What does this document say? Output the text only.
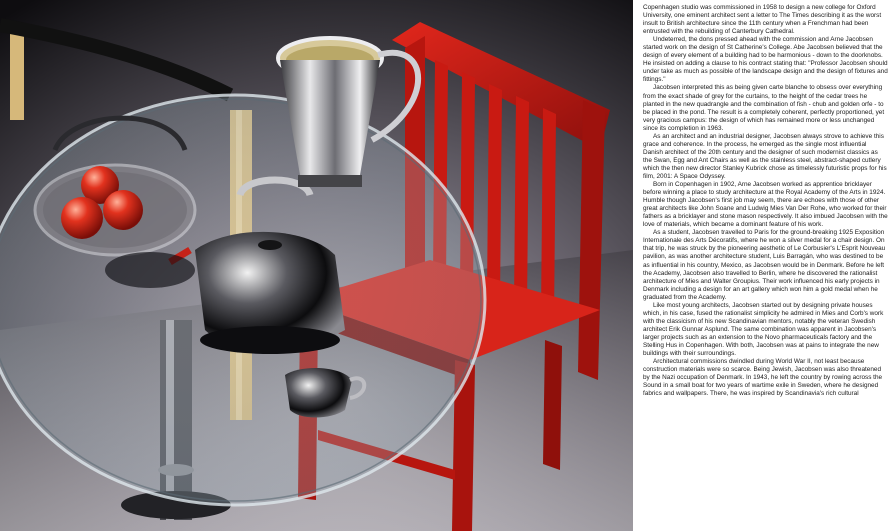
Copenhagen studio was commissioned in 1958 to design a new college for Oxford University, one eminent architect sent a letter to The Times describing it as the worst insult to British architecture since the 11th century when a Frenchman had been entrusted with the rebuilding of Canterbury Cathedral.

Undeterred, the dons pressed ahead with the commission and Arne Jacobsen started work on the design of St Catherine's College. Abe Jacobsen believed that the design of every element of a building had to be harmonious - down to the doorknobs. He insisted on adding a clause to his contract stating that: "Professor Jacobsen should under take as much as possible of the landscape design and the design of fixtures and fittings."

Jacobsen interpreted this as being given carte blanche to obsess over everything from the exact shade of grey for the curtains, to the height of the cedar trees he planted in the new quadrangle and the combination of fish - chub and golden orfe - to be placed in the pond. The result is a completely coherent, perfectly proportioned, yet very gracious campus: the design of which has remained more or less unchanged since its completion in 1963.

As an architect and an industrial designer, Jacobsen always strove to achieve this grace and coherence. In the process, he emerged as the single most influential Danish architect of the 20th century and the designer of such modernist classics as the Swan, Egg and Ant Chairs as well as the stainless steel, abstract-shaped cutlery which the then new director Stanley Kubrick chose as timelessly futuristic props for his film, 2001: A Space Odyssey.

Born in Copenhagen in 1902, Arne Jacobsen worked as apprentice bricklayer before winning a place to study architecture at the Royal Academy of the Arts in 1924. Humble though Jacobsen's first job may seem, there are echoes with those of other great architects like John Soane and Ludwig Mies Van Der Rohe, who worked for their fathers as a bricklayer and stone mason respectively. It also imbued Jacobsen with the love of materials, which became a dominant feature of his work.

As a student, Jacobsen travelled to Paris for the ground-breaking 1925 Exposition Internationale des Arts Décoratifs, where he won a silver medal for a chair design. On that trip, he was struck by the pioneering aesthetic of Le Corbusier's L'Esprit Nouveau pavilion, as was another architecture student, Luis Barragán, who was destined to be as influential in his country, Mexico, as Jacobsen would be in Denmark. Before he left the Academy, Jacobsen also travelled to Berlin, where he discovered the rationalist architecture of Mies and Walter Groupius. Their work influenced his early projects in Denmark including a design for an art gallery which won him a gold medal when he graduated from the Academy.

Like most young architects, Jacobsen started out by designing private houses which, in his case, fused the rationalist simplicity he admired in Mies and Corb's work with the classicism of his new Scandinavian mentors, notably the veteran Swedish architect Erik Gunnar Asplund. The same combination was apparent in Jacobsen's larger projects such as an extension to the Novo pharmaceuticals factory and the Stelling Hus in Copenhagen. With both, Jacobsen was at pains to integrate the new buildings with their surroundings.

Architectural commissions dwindled during World War II, not least because construction materials were so scarce. Being Jewish, Jacobsen was also threatened by the Nazi occupation of Denmark. In 1943, he left the country by rowing across the Sound in a small boat for two years of wartime exile in Sweden, where he designed fabrics and wallpapers. There, he was inspired by Scandinavia's rich cultural
